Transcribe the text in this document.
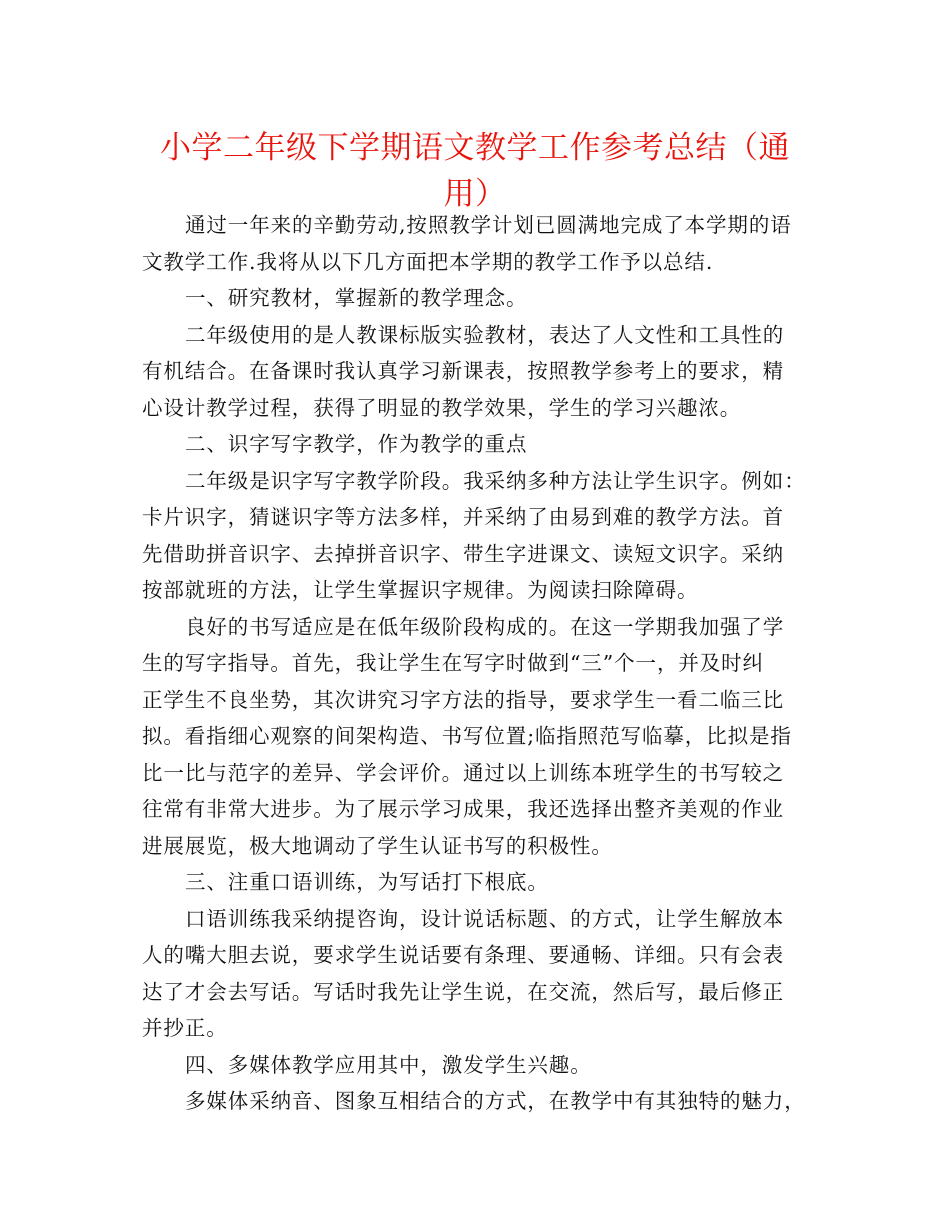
小学二年级下学期语文教学工作参考总结（通
用）

通过一年来的辛勤劳动,按照教学计划已圆满地完成了本学期的语

文教学工作.我将从以下几方面把本学期的教学工作予以总结.

一、研究教材，掌握新的教学理念。

二年级使用的是人教课标版实验教材，表达了人文性和工具性的

有机结合。在备课时我认真学习新课表，按照教学参考上的要求，精

心设计教学过程，获得了明显的教学效果，学生的学习兴趣浓。

二、识字写字教学，作为教学的重点

二年级是识字写字教学阶段。我采纳多种方法让学生识字。例如：

卡片识字，猜谜识字等方法多样，并采纳了由易到难的教学方法。首

先借助拼音识字、去掉拼音识字、带生字进课文、读短文识字。采纳

按部就班的方法，让学生掌握识字规律。为阅读扫除障碍。

良好的书写适应是在低年级阶段构成的。在这一学期我加强了学

生的写字指导。首先，我让学生在写字时做到“三”个一，并及时纠

正学生不良坐势，其次讲究习字方法的指导，要求学生一看二临三比

拟。看指细心观察的间架构造、书写位置;临指照范写临摹，比拟是指

比一比与范字的差异、学会评价。通过以上训练本班学生的书写较之

往常有非常大进步。为了展示学习成果，我还选择出整齐美观的作业

进展展览，极大地调动了学生认证书写的积极性。

三、注重口语训练，为写话打下根底。

口语训练我采纳提咨询，设计说话标题、的方式，让学生解放本

人的嘴大胆去说，要求学生说话要有条理、要通畅、详细。只有会表

达了才会去写话。写话时我先让学生说，在交流，然后写，最后修正

并抄正。

四、多媒体教学应用其中，激发学生兴趣。

多媒体采纳音、图象互相结合的方式，在教学中有其独特的魅力，
